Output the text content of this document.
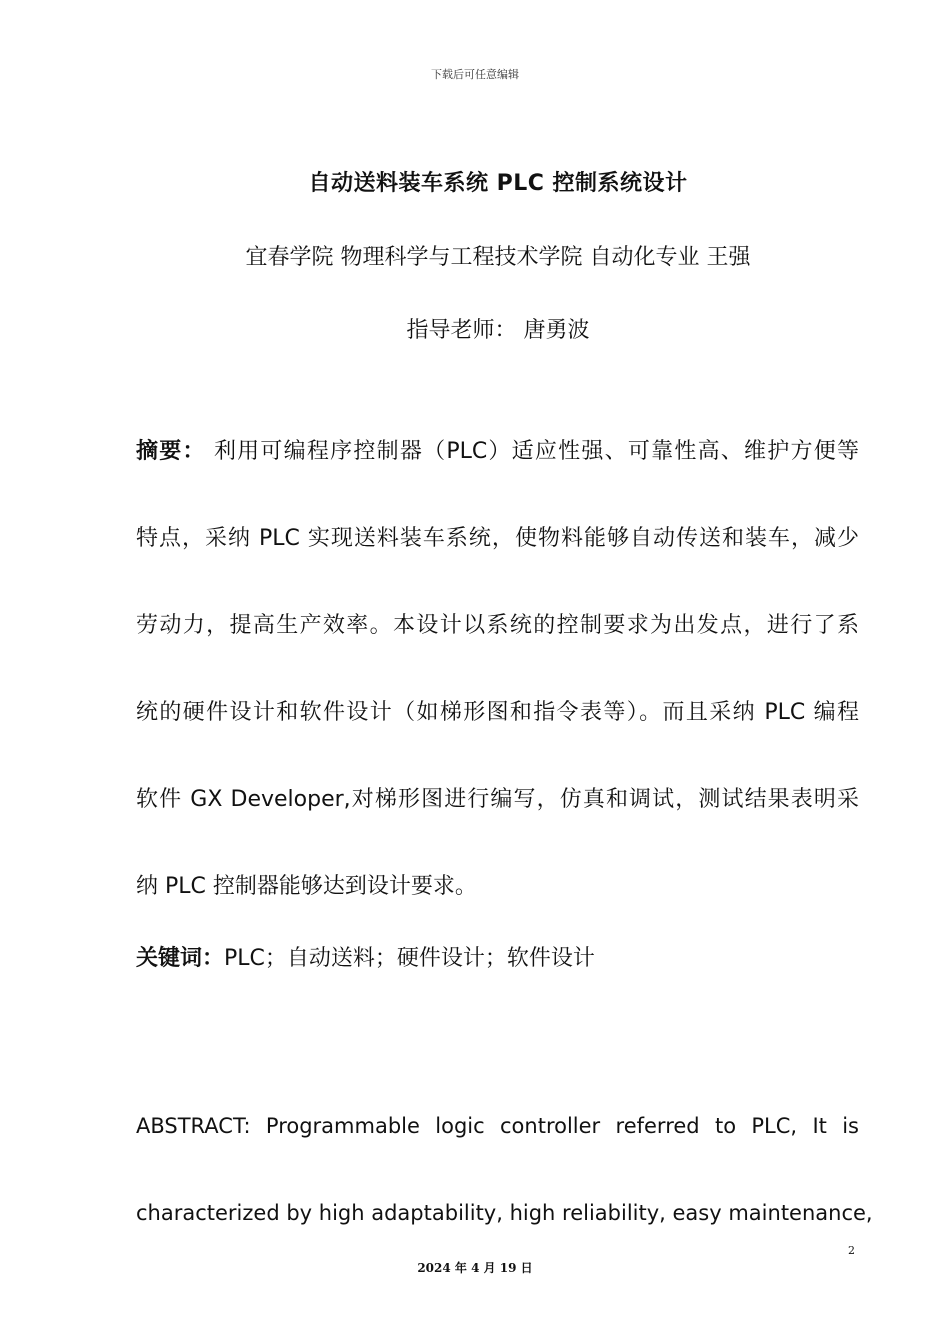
下载后可任意编辑
自动送料装车系统 PLC 控制系统设计
宜春学院 物理科学与工程技术学院 自动化专业 王强
指导老师： 唐勇波
摘要： 利用可编程序控制器（PLC）适应性强、可靠性高、维护方便等
特点，采纳 PLC 实现送料装车系统，使物料能够自动传送和装车，减少
劳动力，提高生产效率。本设计以系统的控制要求为出发点，进行了系
统的硬件设计和软件设计（如梯形图和指令表等）。而且采纳 PLC 编程
软件 GX Developer,对梯形图进行编写，仿真和调试，测试结果表明采
纳 PLC 控制器能够达到设计要求。
关键词：PLC；自动送料；硬件设计；软件设计
ABSTRACT: Programmable logic controller referred to PLC, It is
characterized by high adaptability, high reliability, easy maintenance,
2
2024 年 4 月 19 日
